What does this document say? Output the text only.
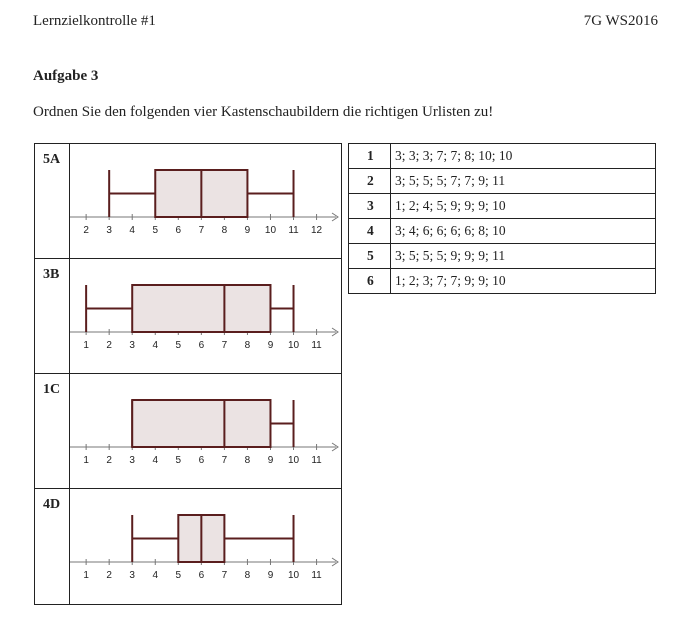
Lernzielkontrolle #1	7G WS2016
Aufgabe 3
Ordnen Sie den folgenden vier Kastenschaubildern die richtigen Urlisten zu!
5A
2 3 4 5 6 7 8 9 10 11 12
3B
1 2 3 4 5 6 7 8 9 10 11
1C
1 2 3 4 5 6 7 8 9 10 11
4D
1 2 3 4 5 6 7 8 9 10 11
1	3; 3; 3; 7; 7; 8; 10; 10
2	3; 5; 5; 5; 7; 7; 9; 11
3	1; 2; 4; 5; 9; 9; 9; 10
4	3; 4; 6; 6; 6; 6; 8; 10
5	3; 5; 5; 5; 9; 9; 9; 11
6	1; 2; 3; 7; 7; 9; 9; 10
